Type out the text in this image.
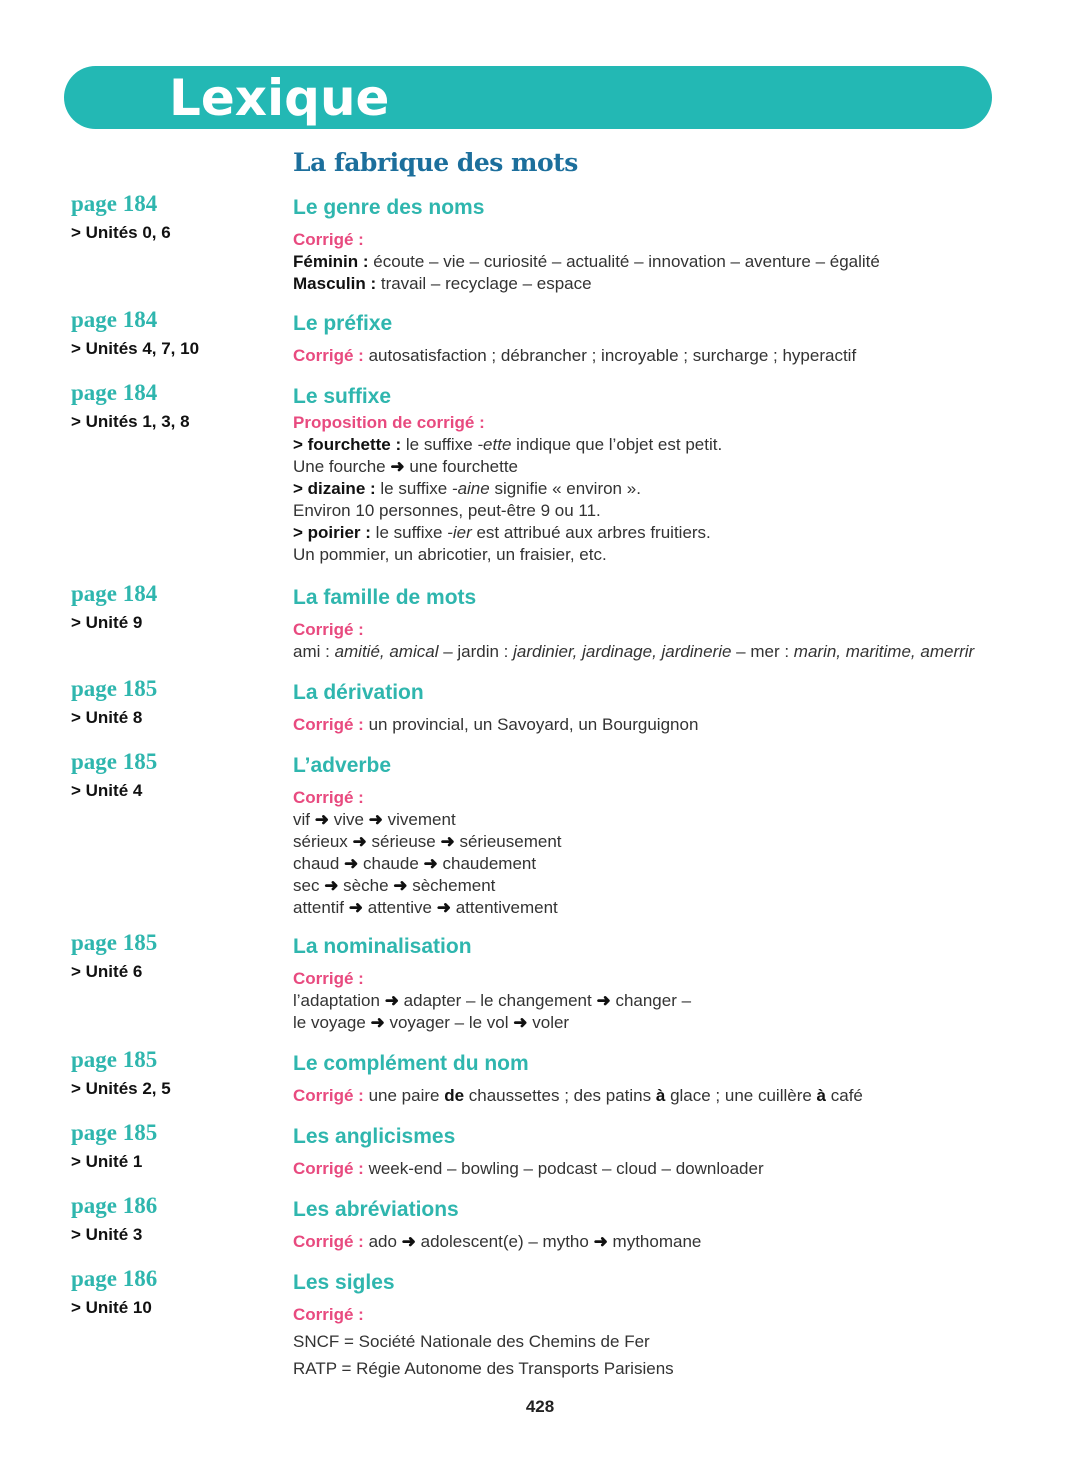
Lexique
La fabrique des mots
page 184
> Unités 0, 6
Le genre des noms
Corrigé :
Féminin : écoute – vie – curiosité – actualité – innovation – aventure – égalité
Masculin : travail – recyclage – espace
page 184
> Unités 4, 7, 10
Le préfixe
Corrigé : autosatisfaction ; débrancher ; incroyable ; surcharge ; hyperactif
page 184
> Unités 1, 3, 8
Le suffixe
Proposition de corrigé :
> fourchette : le suffixe -ette indique que l’objet est petit.
Une fourche ➜ une fourchette
> dizaine : le suffixe -aine signifie « environ ».
Environ 10 personnes, peut-être 9 ou 11.
> poirier : le suffixe -ier est attribué aux arbres fruitiers.
Un pommier, un abricotier, un fraisier, etc.
page 184
> Unité 9
La famille de mots
Corrigé :
ami : amitié, amical – jardin : jardinier, jardinage, jardinerie – mer : marin, maritime, amerrir
page 185
> Unité 8
La dérivation
Corrigé : un provincial, un Savoyard, un Bourguignon
page 185
> Unité 4
L’adverbe
Corrigé :
vif ➜ vive ➜ vivement
sérieux ➜ sérieuse ➜ sérieusement
chaud ➜ chaude ➜ chaudement
sec ➜ sèche ➜ sèchement
attentif ➜ attentive ➜ attentivement
page 185
> Unité 6
La nominalisation
Corrigé :
l’adaptation ➜ adapter – le changement ➜ changer –
le voyage ➜ voyager – le vol ➜ voler
page 185
> Unités 2, 5
Le complément du nom
Corrigé : une paire de chaussettes ; des patins à glace ; une cuillère à café
page 185
> Unité 1
Les anglicismes
Corrigé : week-end – bowling – podcast – cloud – downloader
page 186
> Unité 3
Les abréviations
Corrigé : ado ➜ adolescent(e) – mytho ➜ mythomane
page 186
> Unité 10
Les sigles
Corrigé :
SNCF = Société Nationale des Chemins de Fer
RATP = Régie Autonome des Transports Parisiens
428
